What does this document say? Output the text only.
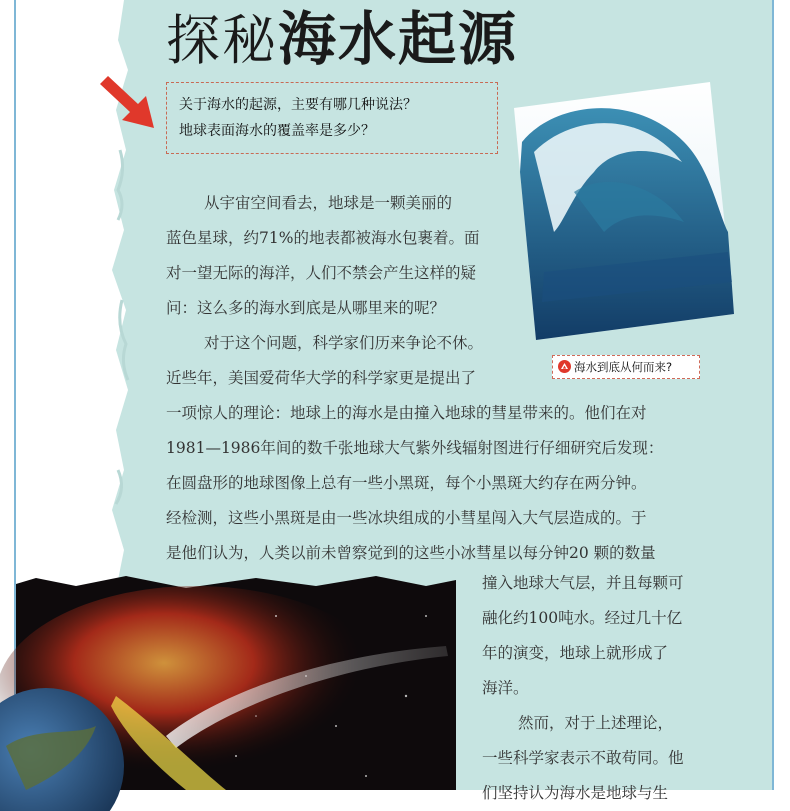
探秘海水起源
关于海水的起源，主要有哪几种说法？
地球表面海水的覆盖率是多少？
海水到底从何而来?
从宇宙空间看去，地球是一颗美丽的
蓝色星球，约71%的地表都被海水包裹着。面
对一望无际的海洋，人们不禁会产生这样的疑
问：这么多的海水到底是从哪里来的呢？
对于这个问题，科学家们历来争论不休。
近些年，美国爱荷华大学的科学家更是提出了
一项惊人的理论：地球上的海水是由撞入地球的彗星带来的。他们在对
1981—1986年间的数千张地球大气紫外线辐射图进行仔细研究后发现：
在圆盘形的地球图像上总有一些小黑斑，每个小黑斑大约存在两分钟。
经检测，这些小黑斑是由一些冰块组成的小彗星闯入大气层造成的。于
是他们认为，人类以前未曾察觉到的这些小冰彗星以每分钟20 颗的数量
撞入地球大气层，并且每颗可
融化约100吨水。经过几十亿
年的演变，地球上就形成了
海洋。
然而，对于上述理论，
一些科学家表示不敢苟同。他
们坚持认为海水是地球与生
